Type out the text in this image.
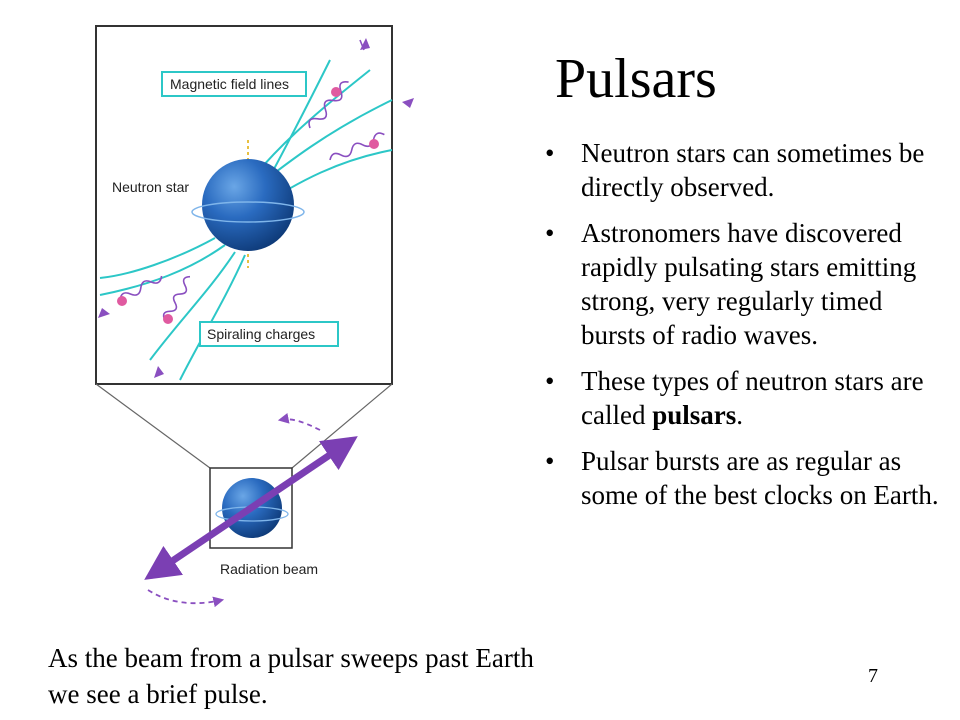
Pulsars
• Neutron stars can sometimes be directly observed.
• Astronomers have discovered rapidly pulsating stars emitting strong, very regularly timed bursts of radio waves.
• These types of neutron stars are called pulsars.
• Pulsar bursts are as regular as some of the best clocks on Earth.
As the beam from a pulsar sweeps past Earth we see a brief pulse.
7
Magnetic field lines
Neutron star
Spiraling charges
Radiation beam
